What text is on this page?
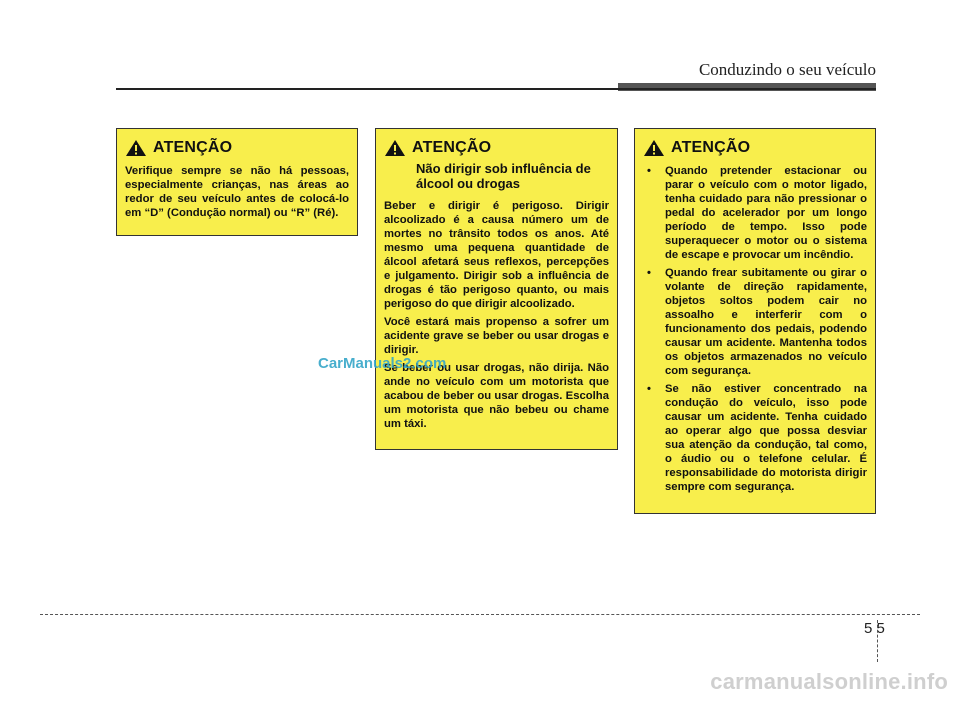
Conduzindo o seu veículo
ATENÇÃO

Verifique sempre se não há pessoas, especialmente crianças, nas áreas ao redor de seu veículo antes de colocá-lo em “D” (Condução normal) ou “R” (Ré).

ATENÇÃO
Não dirigir sob influência de álcool ou drogas

Beber e dirigir é perigoso. Dirigir alcoolizado é a causa número um de mortes no trânsito todos os anos. Até mesmo uma pequena quantidade de álcool afetará seus reflexos, percepções e julgamento. Dirigir sob a influência de drogas é tão perigoso quanto, ou mais perigoso do que dirigir alcoolizado.

Você estará mais propenso a sofrer um acidente grave se beber ou usar drogas e dirigir.

Se beber ou usar drogas, não dirija. Não ande no veículo com um motorista que acabou de beber ou usar drogas. Escolha um motorista que não bebeu ou chame um táxi.

ATENÇÃO
• Quando pretender estacionar ou parar o veículo com o motor ligado, tenha cuidado para não pressionar o pedal do acelerador por um longo período de tempo. Isso pode superaquecer o motor ou o sistema de escape e provocar um incêndio.
• Quando frear subitamente ou girar o volante de direção rapidamente, objetos soltos podem cair no assoalho e interferir com o funcionamento dos pedais, podendo causar um acidente. Mantenha todos os objetos armazenados no veículo com segurança.
• Se não estiver concentrado na condução do veículo, isso pode causar um acidente. Tenha cuidado ao operar algo que possa desviar sua atenção da condução, tal como, o áudio ou o telefone celular. É responsabilidade do motorista dirigir sempre com segurança.
CarManuals2.com
5 5
carmanualsonline.info
